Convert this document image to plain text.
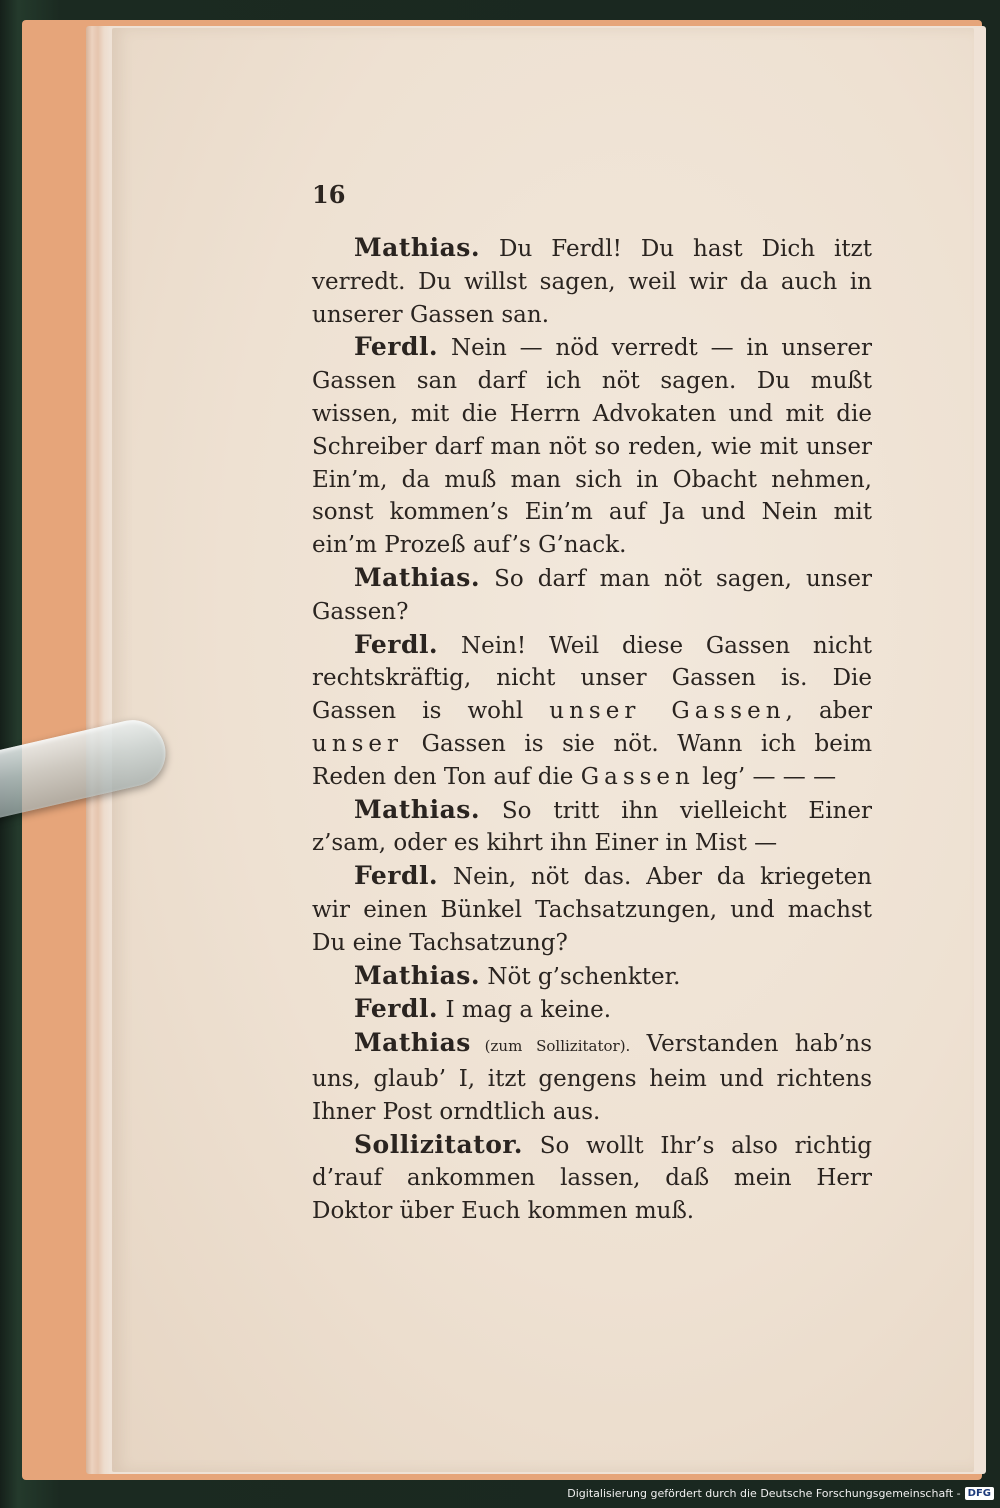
16

Mathias. Du Ferdl! Du hast Dich itzt verredt. Du willst sagen, weil wir da auch in unserer Gassen san.

Ferdl. Nein — nöd verredt — in unserer Gassen san darf ich nöt sagen. Du mußt wissen, mit die Herrn Advokaten und mit die Schreiber darf man nöt so reden, wie mit unser Ein’m, da muß man sich in Obacht nehmen, sonst kommen’s Ein’m auf Ja und Nein mit ein’m Prozeß auf’s G’nack.

Mathias. So darf man nöt sagen, unser Gassen?

Ferdl. Nein! Weil diese Gassen nicht rechtskräftig, nicht unser Gassen is. Die Gassen is wohl unser Gassen, aber unser Gassen is sie nöt. Wann ich beim Reden den Ton auf die Gassen leg’ — — —

Mathias. So tritt ihn vielleicht Einer z’sam, oder es kihrt ihn Einer in Mist —

Ferdl. Nein, nöt das. Aber da kriegeten wir einen Bünkel Tachsatzungen, und machst Du eine Tachsatzung?

Mathias. Nöt g’schenkter.

Ferdl. I mag a keine.

Mathias (zum Sollizitator). Verstanden hab’ns uns, glaub’ I, itzt gengens heim und richtens Ihner Post orndtlich aus.

Sollizitator. So wollt Ihr’s also richtig d’rauf ankommen lassen, daß mein Herr Doktor über Euch kommen muß.

Digitalisierung gefördert durch die Deutsche Forschungsgemeinschaft - DFG
